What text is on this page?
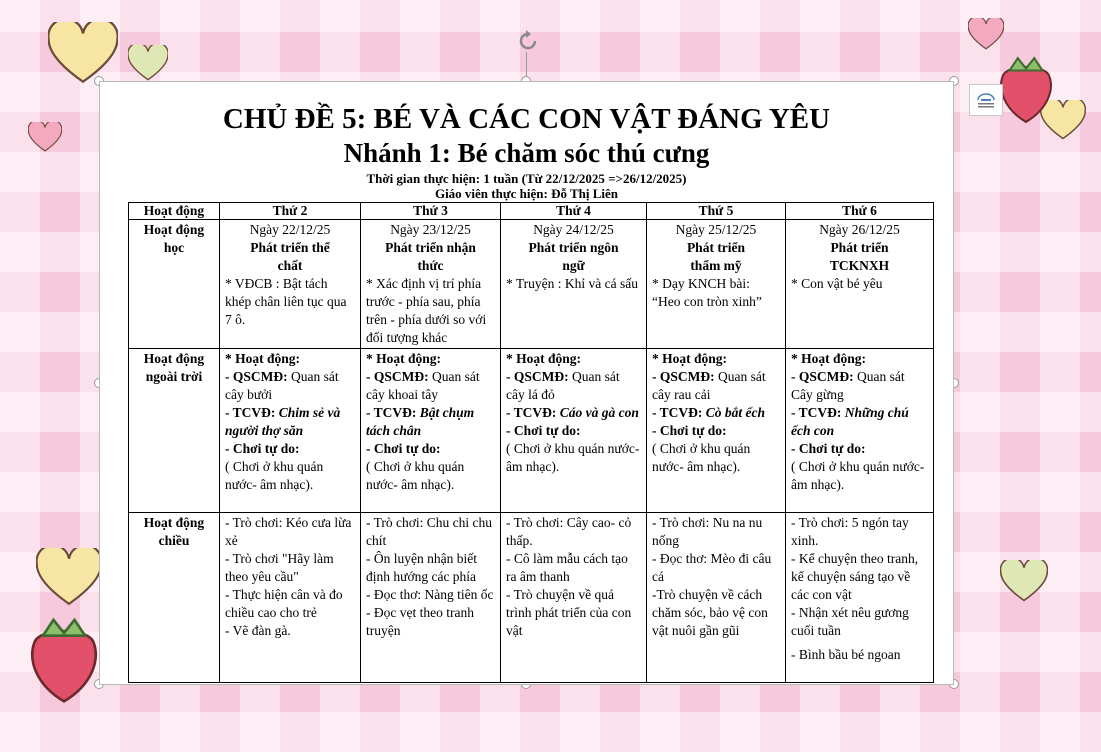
CHỦ ĐỀ 5: BÉ VÀ CÁC CON VẬT ĐÁNG YÊU
Nhánh 1: Bé chăm sóc thú cưng
Thời gian thực hiện: 1 tuần (Từ 22/12/2025 =>26/12/2025)
Giáo viên thực hiện: Đỗ Thị Liên
Hoạt động	Thứ 2	Thứ 3	Thứ 4	Thứ 5	Thứ 6
Hoạt động học	Ngày 22/12/25
Phát triển thể chất
* VĐCB : Bật tách khép chân liên tục qua 7 ô.	Ngày 23/12/25
Phát triển nhận thức
* Xác định vị trí phía trước - phía sau, phía trên - phía dưới so với đối tượng khác	Ngày 24/12/25
Phát triển ngôn ngữ
* Truyện : Khỉ và cá sấu	Ngày 25/12/25
Phát triển thẩm mỹ
* Dạy KNCH bài: “Heo con tròn xinh”	Ngày 26/12/25
Phát triển TCKNXH
* Con vật bé yêu

Hoạt động ngoài trời	* Hoạt động:
- QSCMĐ: Quan sát cây bưởi
- TCVĐ: Chim sẻ và người thợ săn
- Chơi tự do:
( Chơi ở khu quán nước- âm nhạc).	* Hoạt động:
- QSCMĐ: Quan sát cây khoai tây
- TCVĐ: Bật chụm tách chân
- Chơi tự do:
( Chơi ở khu quán nước- âm nhạc).	* Hoạt động:
- QSCMĐ: Quan sát cây lá đỏ
- TCVĐ: Cáo và gà con
- Chơi tự do:
( Chơi ở khu quán nước- âm nhạc).	* Hoạt động:
- QSCMĐ: Quan sát cây rau cải
- TCVĐ: Cò bắt ếch
- Chơi tự do:
( Chơi ở khu quán nước- âm nhạc).	* Hoạt động:
- QSCMĐ: Quan sát Cây gừng
- TCVĐ: Những chú ếch con
- Chơi tự do:
( Chơi ở khu quán nước- âm nhạc).

Hoạt động chiều	- Trò chơi: Kéo cưa lừa xẻ
- Trò chơi "Hãy làm theo yêu cầu"
- Thực hiện cân và đo chiều cao cho trẻ
- Vẽ đàn gà.	- Trò chơi: Chu chi chu chít
- Ôn luyện nhận biết định hướng các phía
- Đọc thơ: Nàng tiên ốc
- Đọc vẹt theo tranh truyện	- Trò chơi: Cây cao- cỏ thấp.
- Cô làm mẫu cách tạo ra âm thanh
- Trò chuyện về quá trình phát triển của con vật	- Trò chơi: Nu na nu nống
- Đọc thơ: Mèo đi câu cá
-Trò chuyện về cách chăm sóc, bảo vệ con vật nuôi gần gũi	- Trò chơi: 5 ngón tay xinh.
- Kể chuyện theo tranh, kể chuyện sáng tạo về các con vật
- Nhận xét nêu gương cuối tuần
- Bình bầu bé ngoan
